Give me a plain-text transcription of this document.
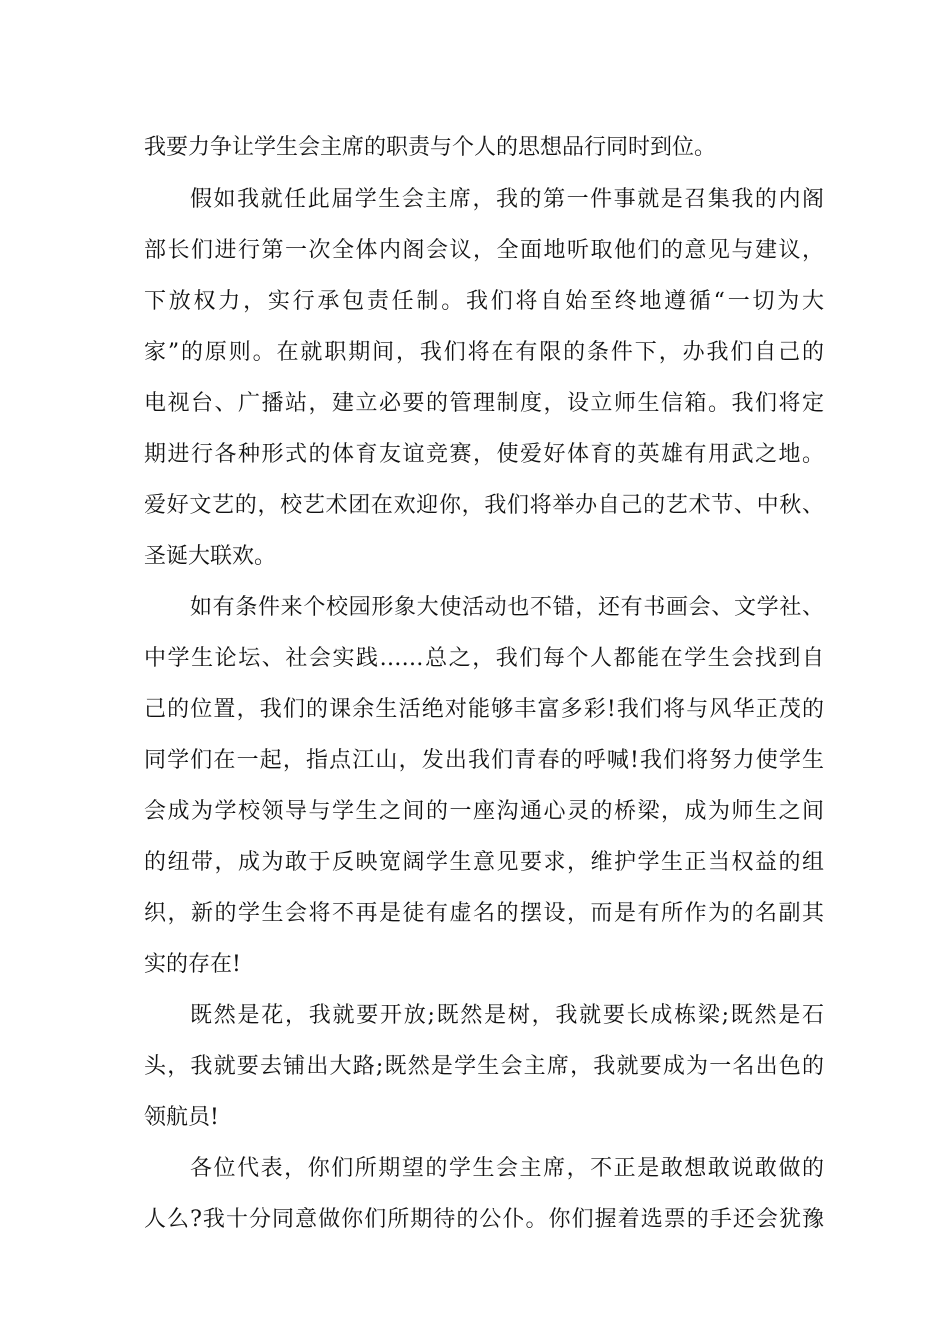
我要力争让学生会主席的职责与个人的思想品行同时到位。
假如我就任此届学生会主席，我的第一件事就是召集我的内阁
部长们进行第一次全体内阁会议，全面地听取他们的意见与建议，
下放权力，实行承包责任制。我们将自始至终地遵循“一切为大
家”的原则。在就职期间，我们将在有限的条件下，办我们自己的
电视台、广播站，建立必要的管理制度，设立师生信箱。我们将定
期进行各种形式的体育友谊竞赛，使爱好体育的英雄有用武之地。
爱好文艺的，校艺术团在欢迎你，我们将举办自己的艺术节、中秋、
圣诞大联欢。
如有条件来个校园形象大使活动也不错，还有书画会、文学社、
中学生论坛、社会实践……总之，我们每个人都能在学生会找到自
己的位置，我们的课余生活绝对能够丰富多彩!我们将与风华正茂的
同学们在一起，指点江山，发出我们青春的呼喊!我们将努力使学生
会成为学校领导与学生之间的一座沟通心灵的桥梁，成为师生之间
的纽带，成为敢于反映宽阔学生意见要求，维护学生正当权益的组
织，新的学生会将不再是徒有虚名的摆设，而是有所作为的名副其
实的存在!
既然是花，我就要开放;既然是树，我就要长成栋梁;既然是石
头，我就要去铺出大路;既然是学生会主席，我就要成为一名出色的
领航员!
各位代表，你们所期望的学生会主席，不正是敢想敢说敢做的
人么?我十分同意做你们所期待的公仆。你们握着选票的手还会犹豫
